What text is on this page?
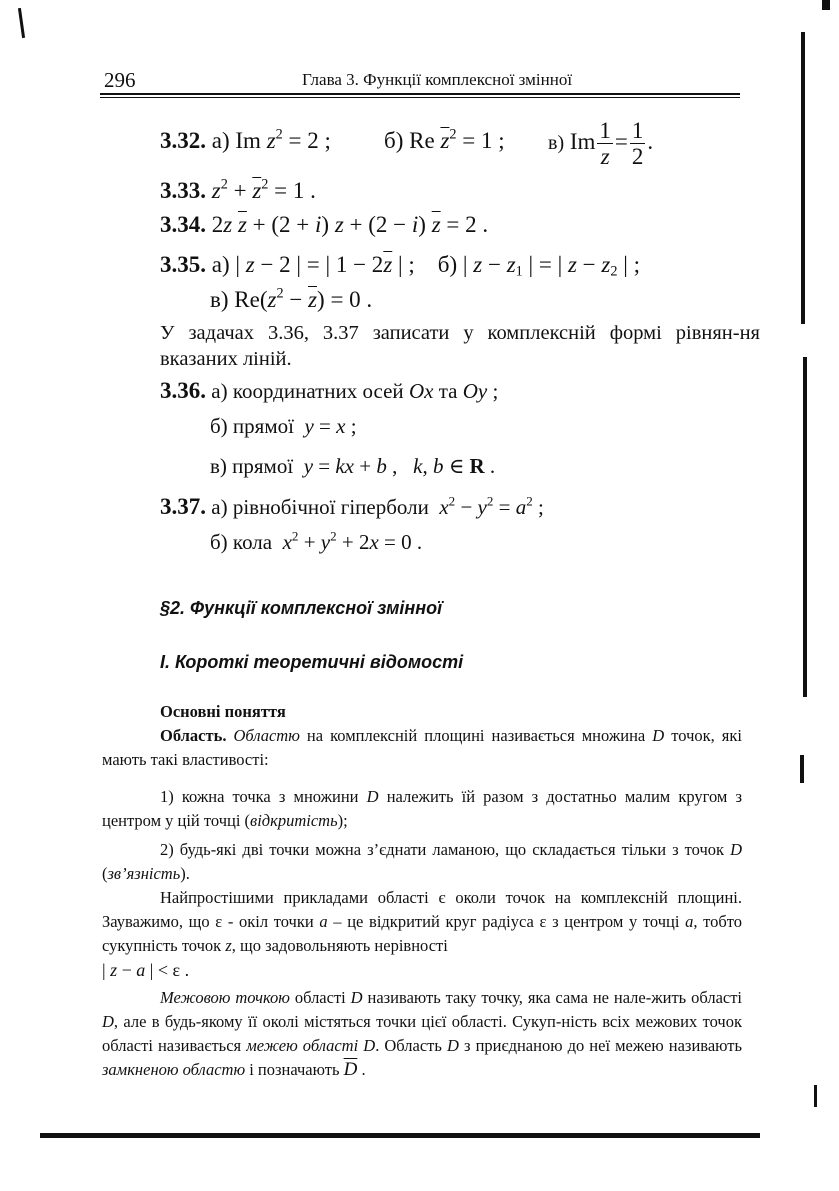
296	Глава 3. Функції комплексної змінної
3.32. а) Im $z^2 = 2$ ; б) Re $\overline{z}^2 = 1$ ; в) Im $\frac{1}{z} = \frac{1}{2}$ .
3.33. $z^2 + \overline{z}^2 = 1$ .
3.34. 2z $\overline{z} + (2 + i) z + (2 - i) \overline{z} = 2$ .
3.35. а) | z − 2 | = | $1 - 2\overline{z}$ | ;    б) | $z - z_1$ | = | $z - z_2$ | ;
в) $Re(z^2 - \overline{z}) = 0$ .
У задачах 3.36, 3.37 записати у комплексній формі рівнян-ня вказаних ліній.
3.36. а) координатних осей Ox та Oy ;
б) прямої y = x ;
в) прямої y = kx + b ,   k, b ∈ R .
3.37. а) рівнобічної гіперболи $x^2 - y^2 = a^2$ ;
б) кола $x^2 + y^2 + 2x = 0$ .
§2. Функції комплексної змінної
І. Короткі теоретичні відомості
Основні поняття
Область. Областю на комплексній площині називається множина D точок, які мають такі властивості:
1) кожна точка з множини D належить їй разом з достатньо малим кругом з центром у цій точці (відкритість);
2) будь-які дві точки можна з’єднати ламаною, що складається тільки з точок D (зв’язність).
Найпростішими прикладами області є околи точок на комплексній площині. Зауважимо, що ε - окіл точки a – це відкритий круг радіуса ε з центром у точці a, тобто сукупність точок z, що задовольняють нерівності
| z − a | < ε .
Межовою точкою області D називають таку точку, яка сама не нале-жить області D, але в будь-якому її околі містяться точки цієї області. Сукуп-ність всіх межових точок області називається межею області D. Область D з приєднаною до неї межею називають замкненою областю і позначають $\overline{D}$ .
